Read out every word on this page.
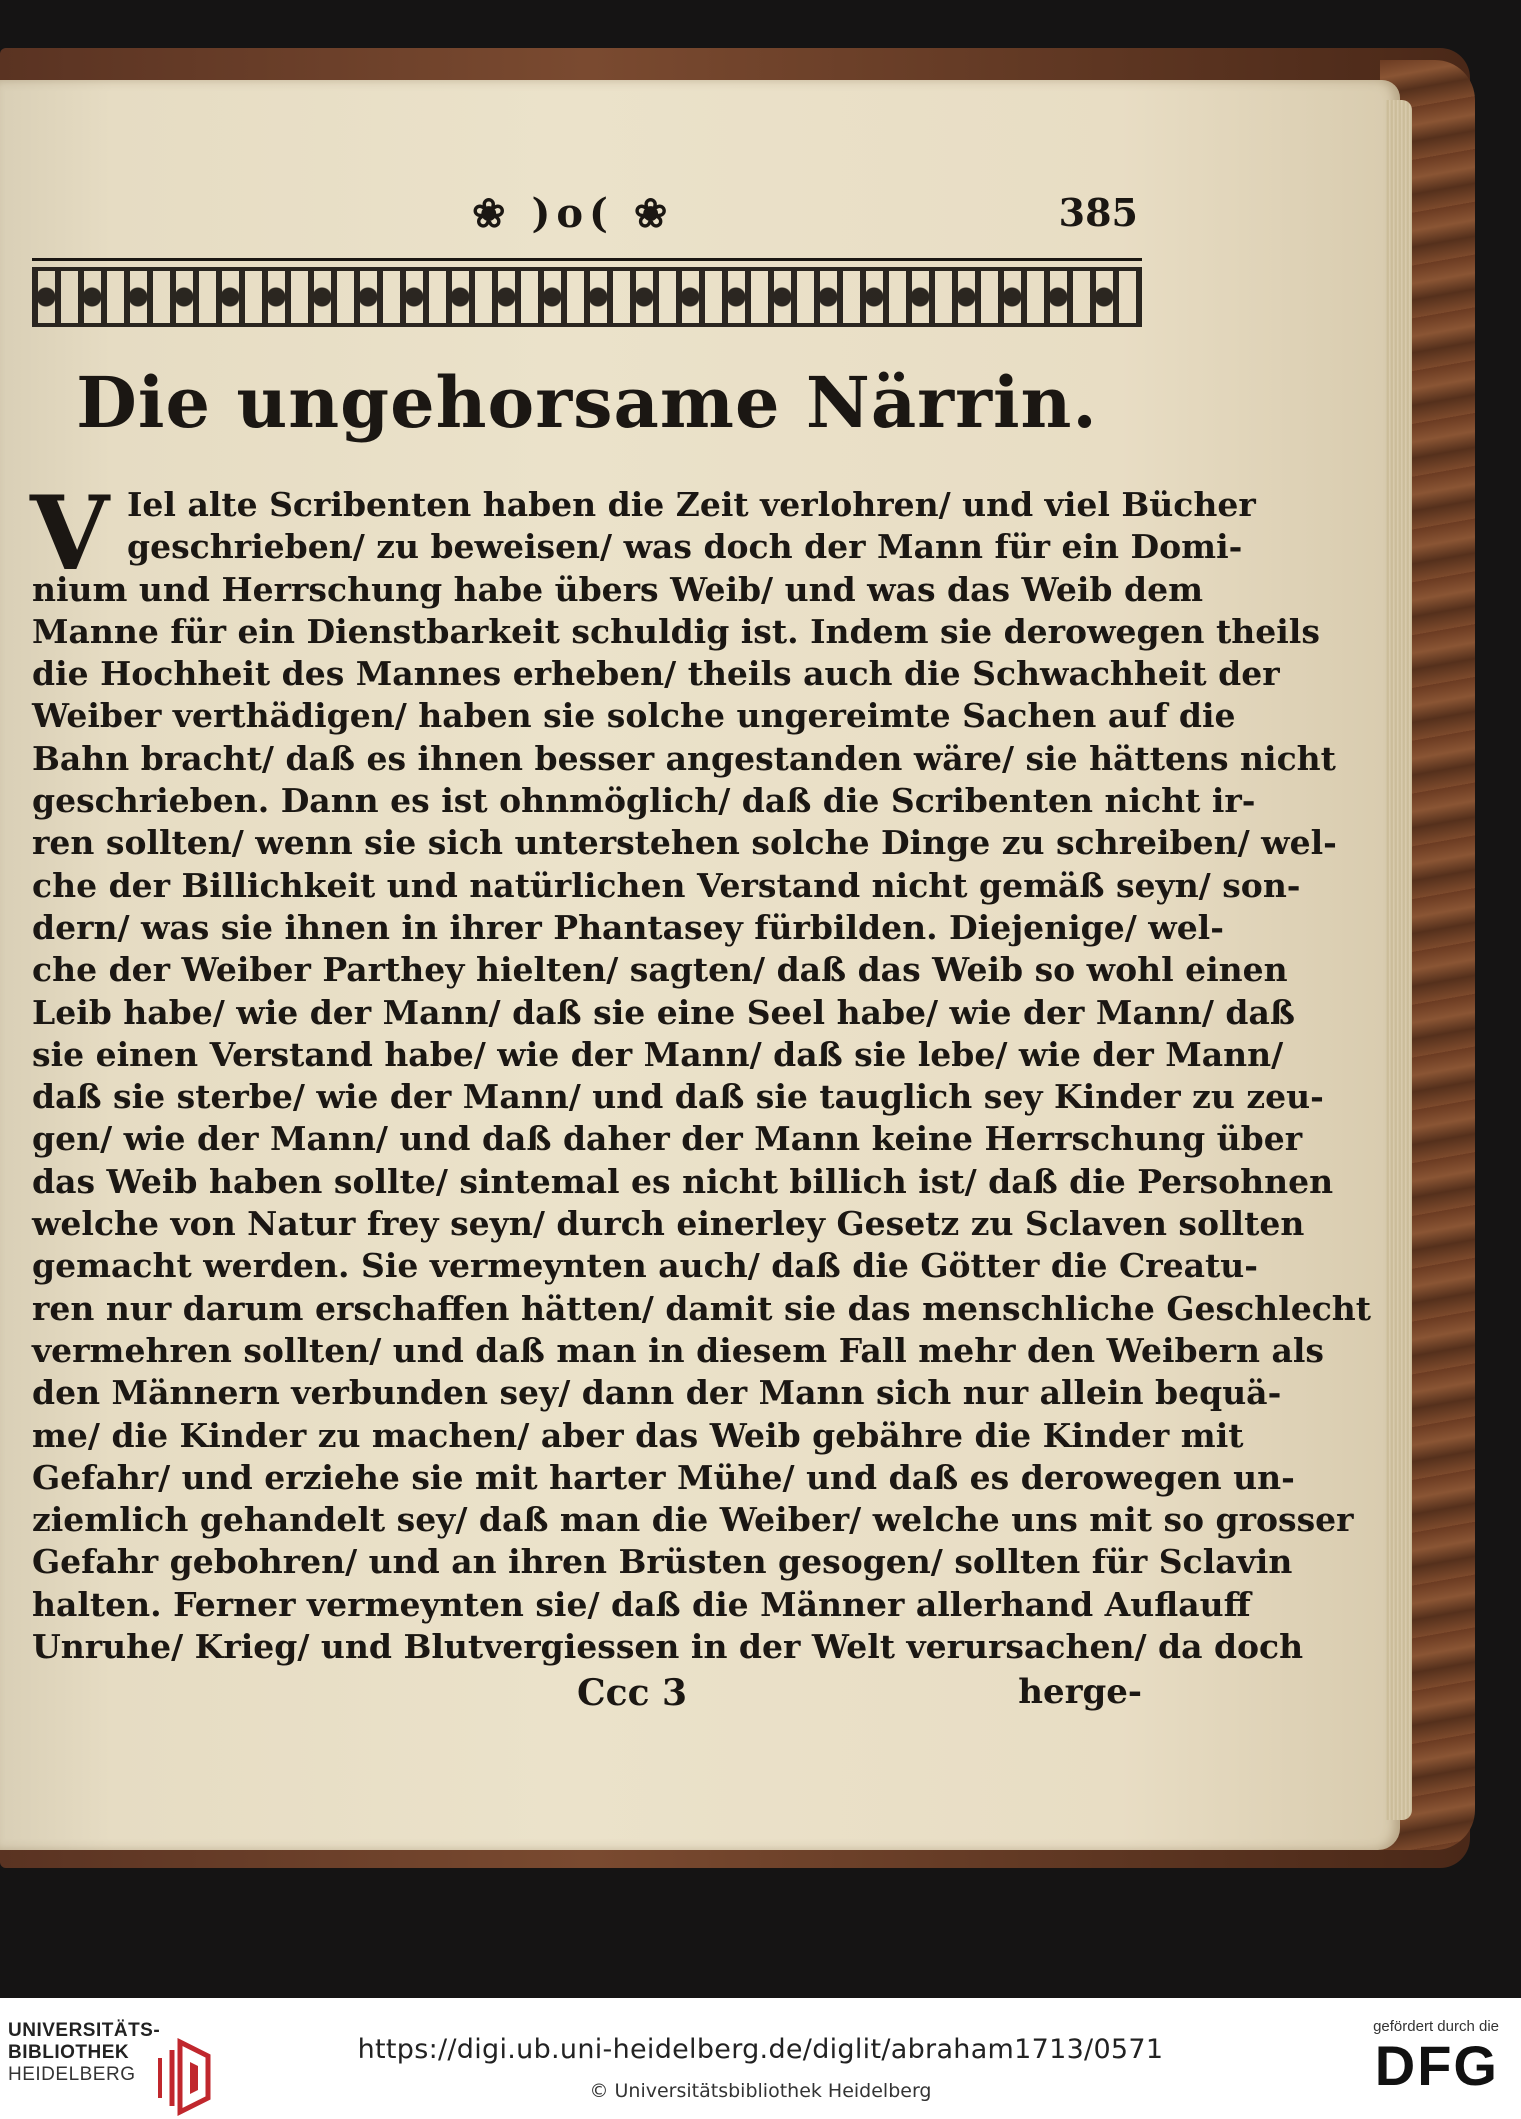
❀ )o( ❀	385
Die ungehorsame Närrin.
V Iel alte Scribenten haben die Zeit verlohren/ und viel Bücher
geschrieben/ zu beweisen/ was doch der Mann für ein Domi-
nium und Herrschung habe übers Weib/ und was das Weib dem
Manne für ein Dienstbarkeit schuldig ist. Indem sie derowegen theils
die Hochheit des Mannes erheben/ theils auch die Schwachheit der
Weiber verthädigen/ haben sie solche ungereimte Sachen auf die
Bahn bracht/ daß es ihnen besser angestanden wäre/ sie hättens nicht
geschrieben. Dann es ist ohnmöglich/ daß die Scribenten nicht ir-
ren sollten/ wenn sie sich unterstehen solche Dinge zu schreiben/ wel-
che der Billichkeit und natürlichen Verstand nicht gemäß seyn/ son-
dern/ was sie ihnen in ihrer Phantasey fürbilden. Diejenige/ wel-
che der Weiber Parthey hielten/ sagten/ daß das Weib so wohl einen
Leib habe/ wie der Mann/ daß sie eine Seel habe/ wie der Mann/ daß
sie einen Verstand habe/ wie der Mann/ daß sie lebe/ wie der Mann/
daß sie sterbe/ wie der Mann/ und daß sie tauglich sey Kinder zu zeu-
gen/ wie der Mann/ und daß daher der Mann keine Herrschung über
das Weib haben sollte/ sintemal es nicht billich ist/ daß die Persohnen
welche von Natur frey seyn/ durch einerley Gesetz zu Sclaven sollten
gemacht werden. Sie vermeynten auch/ daß die Götter die Creatu-
ren nur darum erschaffen hätten/ damit sie das menschliche Geschlecht
vermehren sollten/ und daß man in diesem Fall mehr den Weibern als
den Männern verbunden sey/ dann der Mann sich nur allein bequä-
me/ die Kinder zu machen/ aber das Weib gebähre die Kinder mit
Gefahr/ und erziehe sie mit harter Mühe/ und daß es derowegen un-
ziemlich gehandelt sey/ daß man die Weiber/ welche uns mit so grosser
Gefahr gebohren/ und an ihren Brüsten gesogen/ sollten für Sclavin
halten. Ferner vermeynten sie/ daß die Männer allerhand Auflauff
Unruhe/ Krieg/ und Blutvergiessen in der Welt verursachen/ da doch
Ccc 3	herge-
UNIVERSITÄTS-
BIBLIOTHEK
HEIDELBERG
https://digi.ub.uni-heidelberg.de/diglit/abraham1713/0571
© Universitätsbibliothek Heidelberg
gefördert durch die
DFG
